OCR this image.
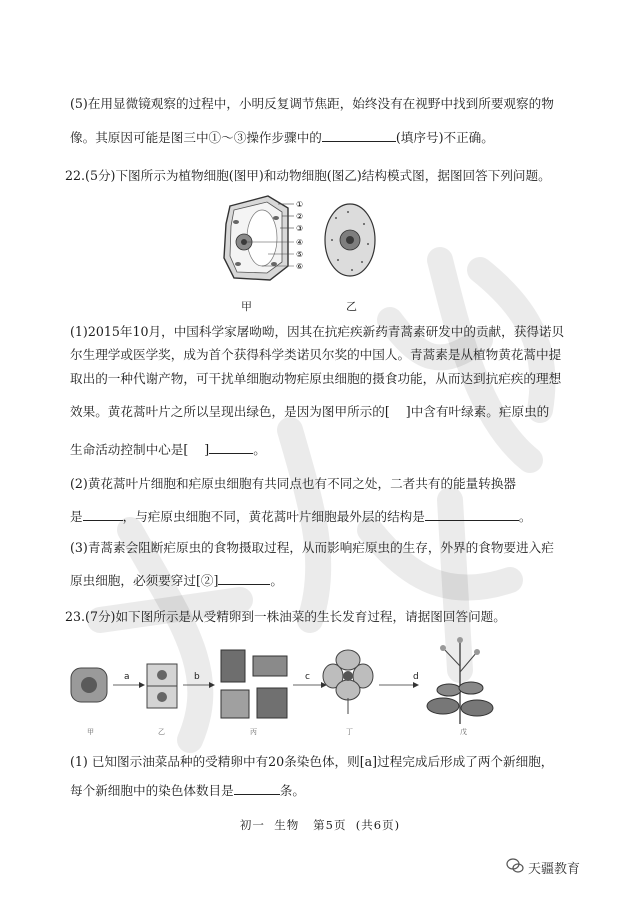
(5)在用显微镜观察的过程中，小明反复调节焦距，始终没有在视野中找到所要观察的物
像。其原因可能是图三中①～③操作步骤中的	(填序号)不正确。
22.(5分)下图所示为植物细胞(图甲)和动物细胞(图乙)结构模式图，据图回答下列问题。
①
②
③
④
⑤
⑥
甲	乙
(1)2015年10月，中国科学家屠呦呦，因其在抗疟疾新药青蒿素研发中的贡献，获得诺贝
尔生理学或医学奖，成为首个获得科学类诺贝尔奖的中国人。青蒿素是从植物黄花蒿中提
取出的一种代谢产物，可干扰单细胞动物疟原虫细胞的摄食功能，从而达到抗疟疾的理想
效果。黄花蒿叶片之所以呈现出绿色，是因为图甲所示的[    ]中含有叶绿素。疟原虫的
生命活动控制中心是[    ]	。
(2)黄花蒿叶片细胞和疟原虫细胞有共同点也有不同之处，二者共有的能量转换器
是	，与疟原虫细胞不同，黄花蒿叶片细胞最外层的结构是	。
(3)青蒿素会阻断疟原虫的食物摄取过程，从而影响疟原虫的生存，外界的食物要进入疟
原虫细胞，必须要穿过[②]	。
23.(7分)如下图所示是从受精卵到一株油菜的生长发育过程，请据图回答问题。
a	b	c	d
甲	乙	丙	丁	戊
(1) 已知图示油菜品种的受精卵中有20条染色体，则[a]过程完成后形成了两个新细胞，
每个新细胞中的染色体数目是	条。
初一  生物   第5页  (共6页)
天疆教育
